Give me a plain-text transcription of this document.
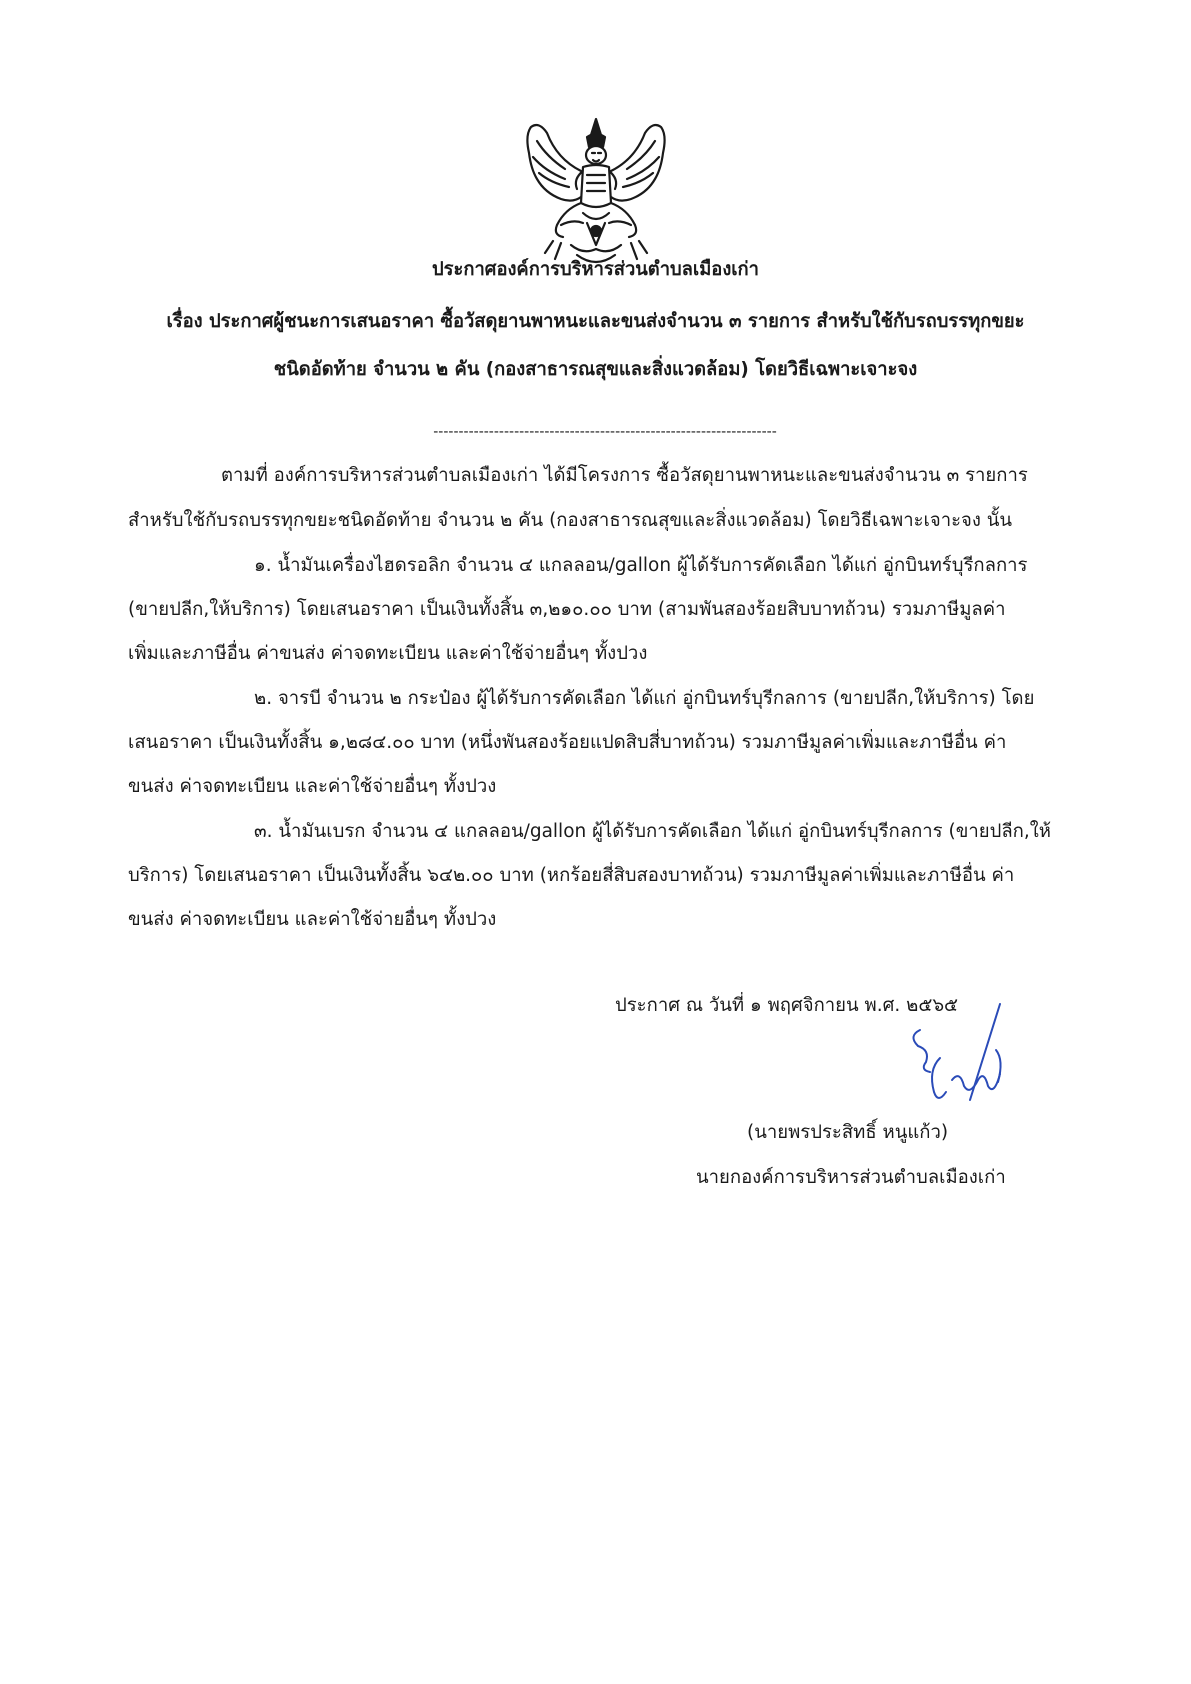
ประกาศองค์การบริหารส่วนตำบลเมืองเก่า
เรื่อง ประกาศผู้ชนะการเสนอราคา ซื้อวัสดุยานพาหนะและขนส่งจำนวน ๓ รายการ สำหรับใช้กับรถบรรทุกขยะ
ชนิดอัดท้าย จำนวน ๒ คัน (กองสาธารณสุขและสิ่งแวดล้อม) โดยวิธีเฉพาะเจาะจง
--------------------------------------------------------------------
ตามที่ องค์การบริหารส่วนตำบลเมืองเก่า ได้มีโครงการ ซื้อวัสดุยานพาหนะและขนส่งจำนวน ๓ รายการ
สำหรับใช้กับรถบรรทุกขยะชนิดอัดท้าย จำนวน ๒ คัน (กองสาธารณสุขและสิ่งแวดล้อม) โดยวิธีเฉพาะเจาะจง นั้น
๑. น้ำมันเครื่องไฮดรอลิก จำนวน ๔ แกลลอน/gallon ผู้ได้รับการคัดเลือก ได้แก่ อู่กบินทร์บุรีกลการ
(ขายปลีก,ให้บริการ) โดยเสนอราคา เป็นเงินทั้งสิ้น ๓,๒๑๐.๐๐ บาท (สามพันสองร้อยสิบบาทถ้วน) รวมภาษีมูลค่า
เพิ่มและภาษีอื่น ค่าขนส่ง ค่าจดทะเบียน และค่าใช้จ่ายอื่นๆ ทั้งปวง
๒. จารบี จำนวน ๒ กระป๋อง ผู้ได้รับการคัดเลือก ได้แก่ อู่กบินทร์บุรีกลการ (ขายปลีก,ให้บริการ) โดย
เสนอราคา เป็นเงินทั้งสิ้น ๑,๒๘๔.๐๐ บาท (หนึ่งพันสองร้อยแปดสิบสี่บาทถ้วน) รวมภาษีมูลค่าเพิ่มและภาษีอื่น ค่า
ขนส่ง ค่าจดทะเบียน และค่าใช้จ่ายอื่นๆ ทั้งปวง
๓. น้ำมันเบรก จำนวน ๔ แกลลอน/gallon ผู้ได้รับการคัดเลือก ได้แก่ อู่กบินทร์บุรีกลการ (ขายปลีก,ให้
บริการ) โดยเสนอราคา เป็นเงินทั้งสิ้น ๖๔๒.๐๐ บาท (หกร้อยสี่สิบสองบาทถ้วน) รวมภาษีมูลค่าเพิ่มและภาษีอื่น ค่า
ขนส่ง ค่าจดทะเบียน และค่าใช้จ่ายอื่นๆ ทั้งปวง
ประกาศ ณ วันที่ ๑ พฤศจิกายน พ.ศ. ๒๕๖๕
(นายพรประสิทธิ์ หนูแก้ว)
นายกองค์การบริหารส่วนตำบลเมืองเก่า
